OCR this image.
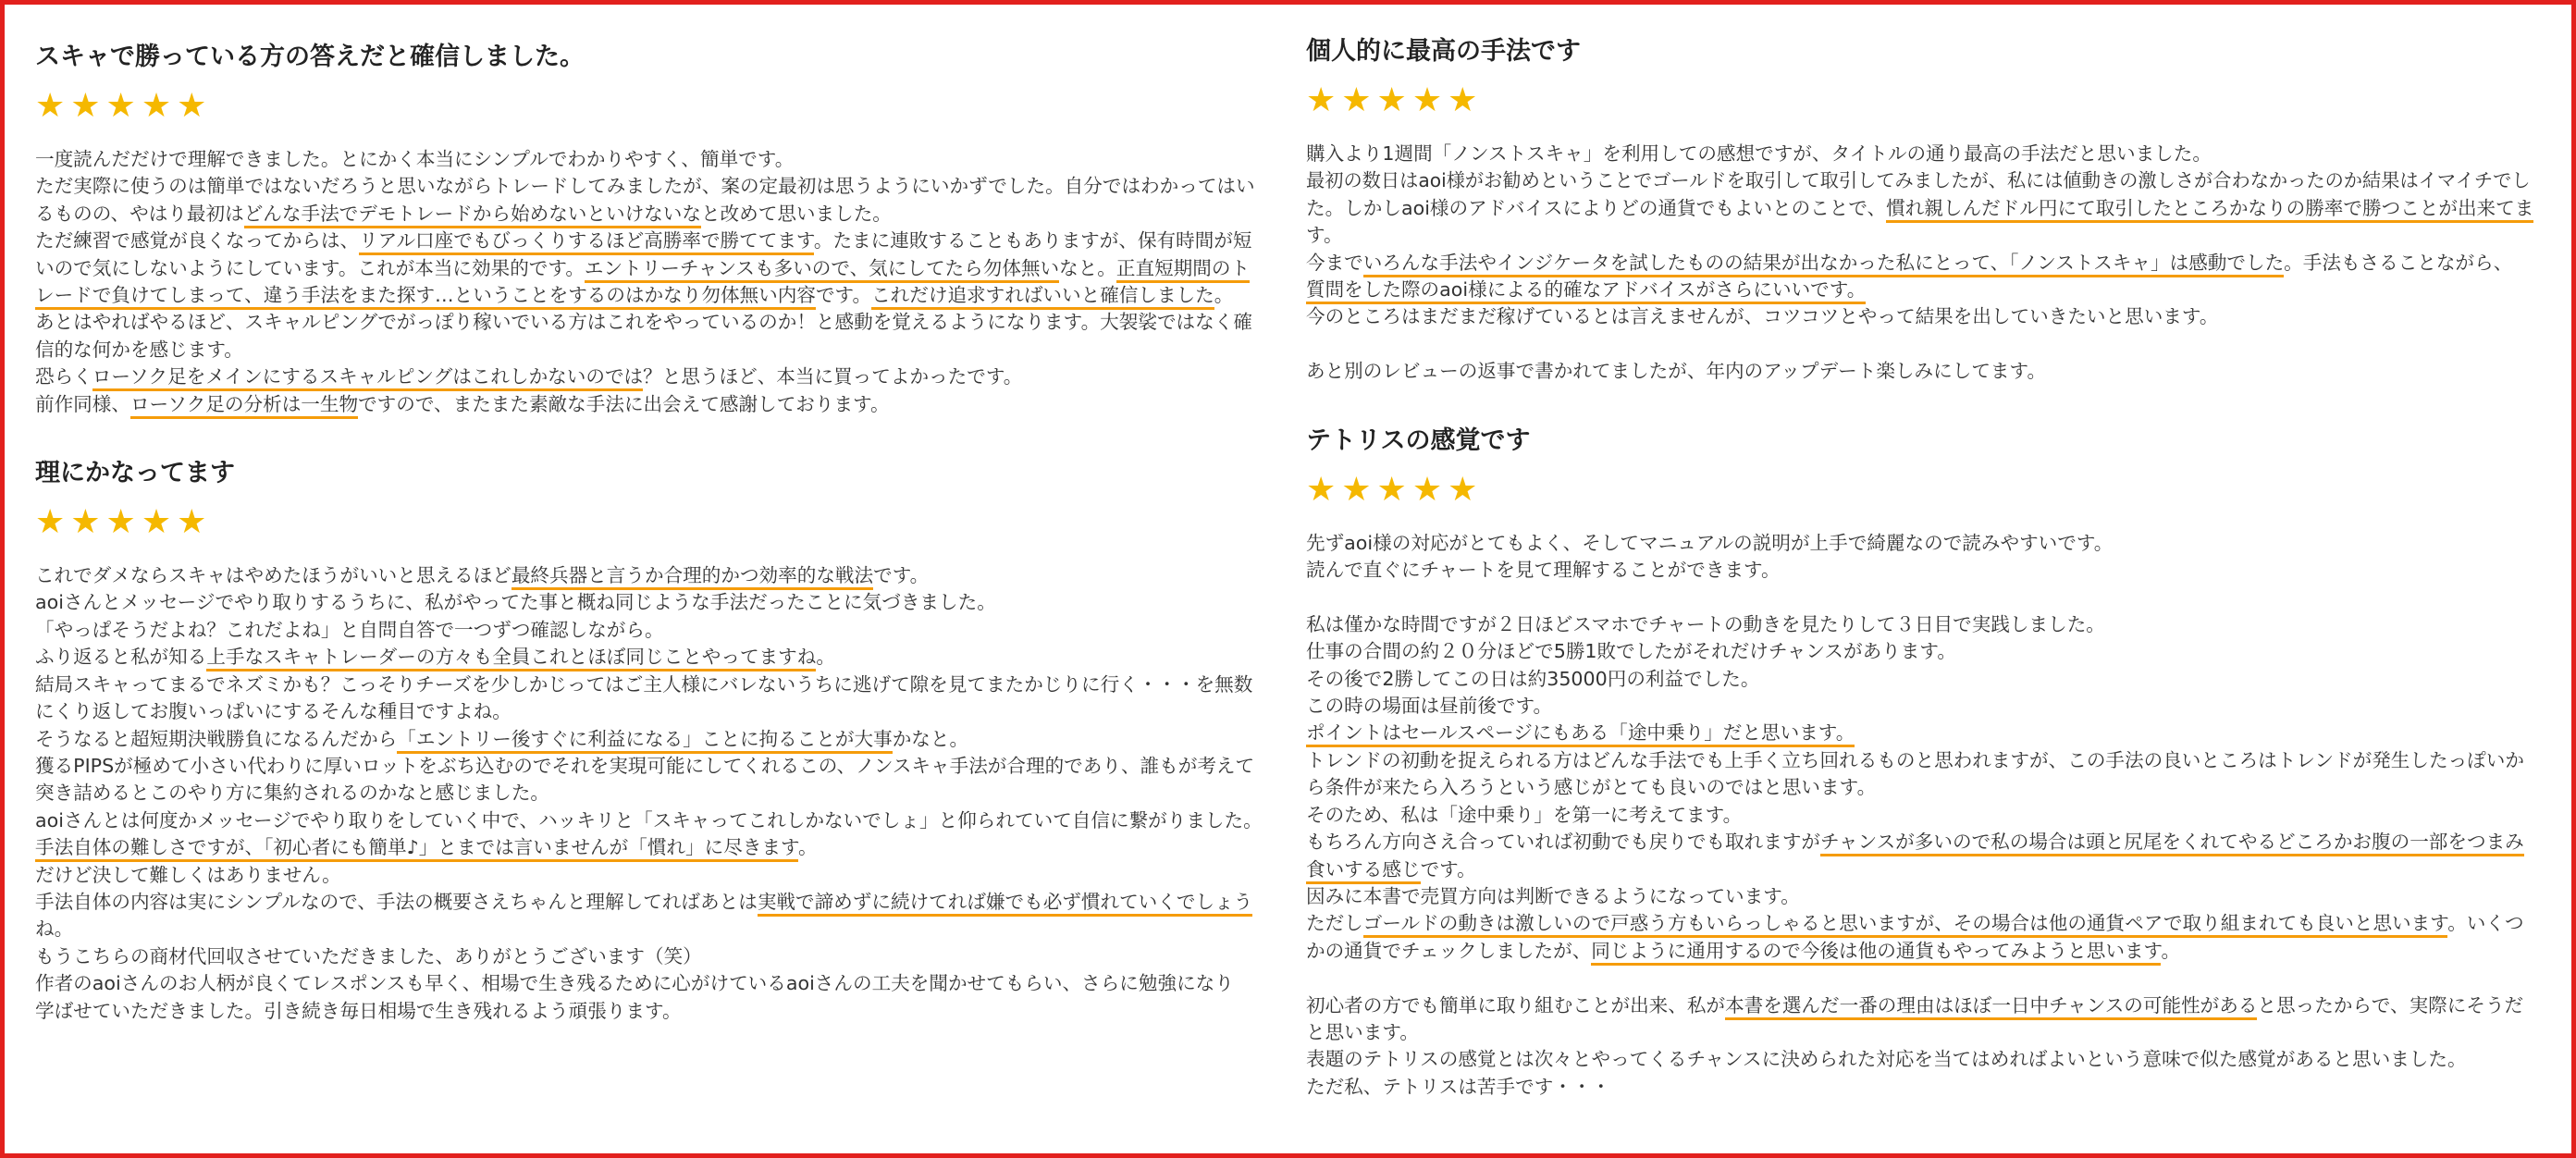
スキャで勝っている方の答えだと確信しました。
★★★★★
一度読んだだけで理解できました。とにかく本当にシンプルでわかりやすく、簡単です。
ただ実際に使うのは簡単ではないだろうと思いながらトレードしてみましたが、案の定最初は思うようにいかずでした。自分ではわかってはい
るものの、やはり最初はどんな手法でデモトレードから始めないといけないなと改めて思いました。
ただ練習で感覚が良くなってからは、リアル口座でもびっくりするほど高勝率で勝ててます。たまに連敗することもありますが、保有時間が短
いので気にしないようにしています。これが本当に効果的です。エントリーチャンスも多いので、気にしてたら勿体無いなと。正直短期間のト
レードで負けてしまって、違う手法をまた探す…ということをするのはかなり勿体無い内容です。これだけ追求すればいいと確信しました。
あとはやればやるほど、スキャルピングでがっぽり稼いでいる方はこれをやっているのか！と感動を覚えるようになります。大袈裟ではなく確
信的な何かを感じます。
恐らくローソク足をメインにするスキャルピングはこれしかないのでは？と思うほど、本当に買ってよかったです。
前作同様、ローソク足の分析は一生物ですので、またまた素敵な手法に出会えて感謝しております。
理にかなってます
★★★★★
これでダメならスキャはやめたほうがいいと思えるほど最終兵器と言うか合理的かつ効率的な戦法です。
aoiさんとメッセージでやり取りするうちに、私がやってた事と概ね同じような手法だったことに気づきました。
「やっぱそうだよね？これだよね」と自問自答で一つずつ確認しながら。
ふり返ると私が知る上手なスキャトレーダーの方々も全員これとほぼ同じことやってますね。
結局スキャってまるでネズミかも？こっそりチーズを少しかじってはご主人様にバレないうちに逃げて隙を見てまたかじりに行く・・・を無数
にくり返してお腹いっぱいにするそんな種目ですよね。
そうなると超短期決戦勝負になるんだから「エントリー後すぐに利益になる」ことに拘ることが大事かなと。
獲るPIPSが極めて小さい代わりに厚いロットをぶち込むのでそれを実現可能にしてくれるこの、ノンスキャ手法が合理的であり、誰もが考えて
突き詰めるとこのやり方に集約されるのかなと感じました。
aoiさんとは何度かメッセージでやり取りをしていく中で、ハッキリと「スキャってこれしかないでしょ」と仰られていて自信に繋がりました。
手法自体の難しさですが、「初心者にも簡単♪」とまでは言いませんが「慣れ」に尽きます。
だけど決して難しくはありません。
手法自体の内容は実にシンプルなので、手法の概要さえちゃんと理解してればあとは実戦で諦めずに続けてれば嫌でも必ず慣れていくでしょう
ね。
もうこちらの商材代回収させていただきました、ありがとうございます（笑）
作者のaoiさんのお人柄が良くてレスポンスも早く、相場で生き残るために心がけているaoiさんの工夫を聞かせてもらい、さらに勉強になり
学ばせていただきました。引き続き毎日相場で生き残れるよう頑張ります。
個人的に最高の手法です
★★★★★
購入より1週間「ノンストスキャ」を利用しての感想ですが、タイトルの通り最高の手法だと思いました。
最初の数日はaoi様がお勧めということでゴールドを取引して取引してみましたが、私には値動きの激しさが合わなかったのか結果はイマイチでし
た。しかしaoi様のアドバイスによりどの通貨でもよいとのことで、慣れ親しんだドル円にて取引したところかなりの勝率で勝つことが出来てま
す。
今までいろんな手法やインジケータを試したものの結果が出なかった私にとって、「ノンストスキャ」は感動でした。手法もさることながら、
質問をした際のaoi様による的確なアドバイスがさらにいいです。
今のところはまだまだ稼げているとは言えませんが、コツコツとやって結果を出していきたいと思います。
あと別のレビューの返事で書かれてましたが、年内のアップデート楽しみにしてます。
テトリスの感覚です
★★★★★
先ずaoi様の対応がとてもよく、そしてマニュアルの説明が上手で綺麗なので読みやすいです。
読んで直ぐにチャートを見て理解することができます。
私は僅かな時間ですが２日ほどスマホでチャートの動きを見たりして３日目で実践しました。
仕事の合間の約２０分ほどで5勝1敗でしたがそれだけチャンスがあります。
その後で2勝してこの日は約35000円の利益でした。
この時の場面は昼前後です。
ポイントはセールスページにもある「途中乗り」だと思います。
トレンドの初動を捉えられる方はどんな手法でも上手く立ち回れるものと思われますが、この手法の良いところはトレンドが発生したっぽいか
ら条件が来たら入ろうという感じがとても良いのではと思います。
そのため、私は「途中乗り」を第一に考えてます。
もちろん方向さえ合っていれば初動でも戻りでも取れますがチャンスが多いので私の場合は頭と尻尾をくれてやるどころかお腹の一部をつまみ
食いする感じです。
因みに本書で売買方向は判断できるようになっています。
ただしゴールドの動きは激しいので戸惑う方もいらっしゃると思いますが、その場合は他の通貨ペアで取り組まれても良いと思います。いくつ
かの通貨でチェックしましたが、同じように通用するので今後は他の通貨もやってみようと思います。
初心者の方でも簡単に取り組むことが出来、私が本書を選んだ一番の理由はほぼ一日中チャンスの可能性があると思ったからで、実際にそうだ
と思います。
表題のテトリスの感覚とは次々とやってくるチャンスに決められた対応を当てはめればよいという意味で似た感覚があると思いました。
ただ私、テトリスは苦手です・・・
